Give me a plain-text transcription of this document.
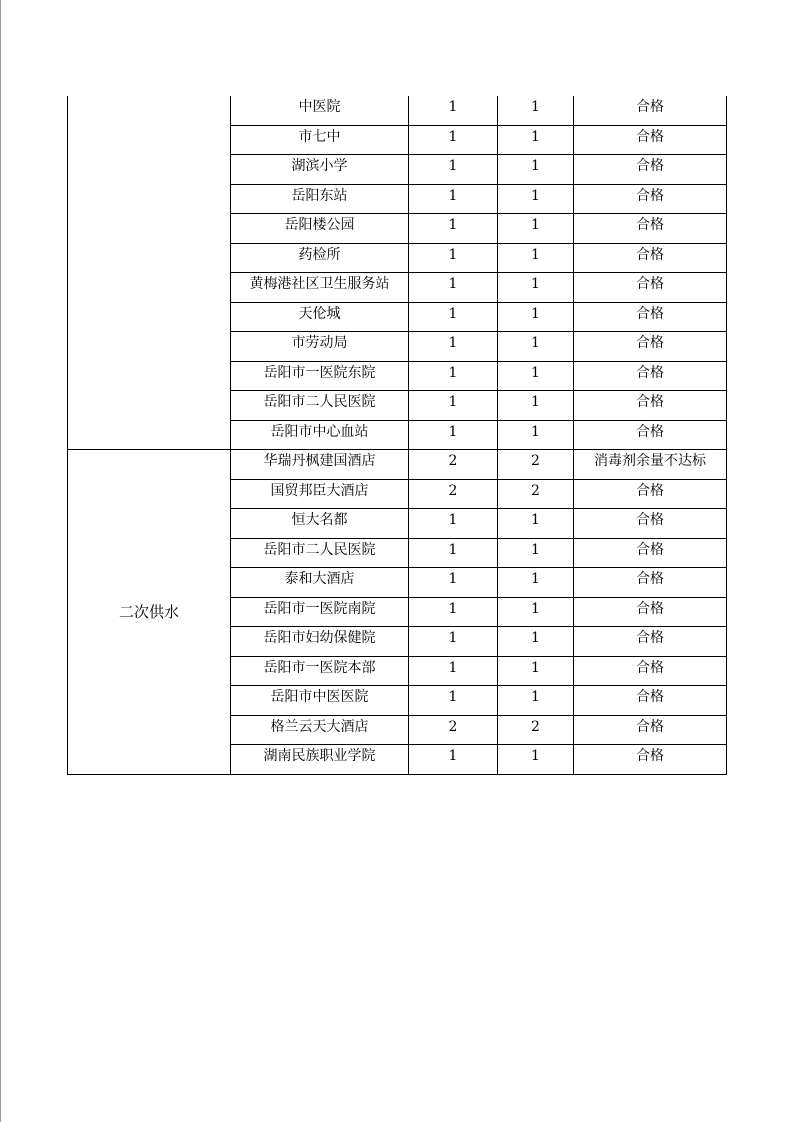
	中医院	1	1	合格
	市七中	1	1	合格
	湖滨小学	1	1	合格
	岳阳东站	1	1	合格
	岳阳楼公园	1	1	合格
	药检所	1	1	合格
	黄梅港社区卫生服务站	1	1	合格
	天伦城	1	1	合格
	市劳动局	1	1	合格
	岳阳市一医院东院	1	1	合格
	岳阳市二人民医院	1	1	合格
	岳阳市中心血站	1	1	合格
二次供水	华瑞丹枫建国酒店	2	2	消毒剂余量不达标
	国贸邦臣大酒店	2	2	合格
	恒大名都	1	1	合格
	岳阳市二人民医院	1	1	合格
	泰和大酒店	1	1	合格
	岳阳市一医院南院	1	1	合格
	岳阳市妇幼保健院	1	1	合格
	岳阳市一医院本部	1	1	合格
	岳阳市中医医院	1	1	合格
	格兰云天大酒店	2	2	合格
	湖南民族职业学院	1	1	合格
